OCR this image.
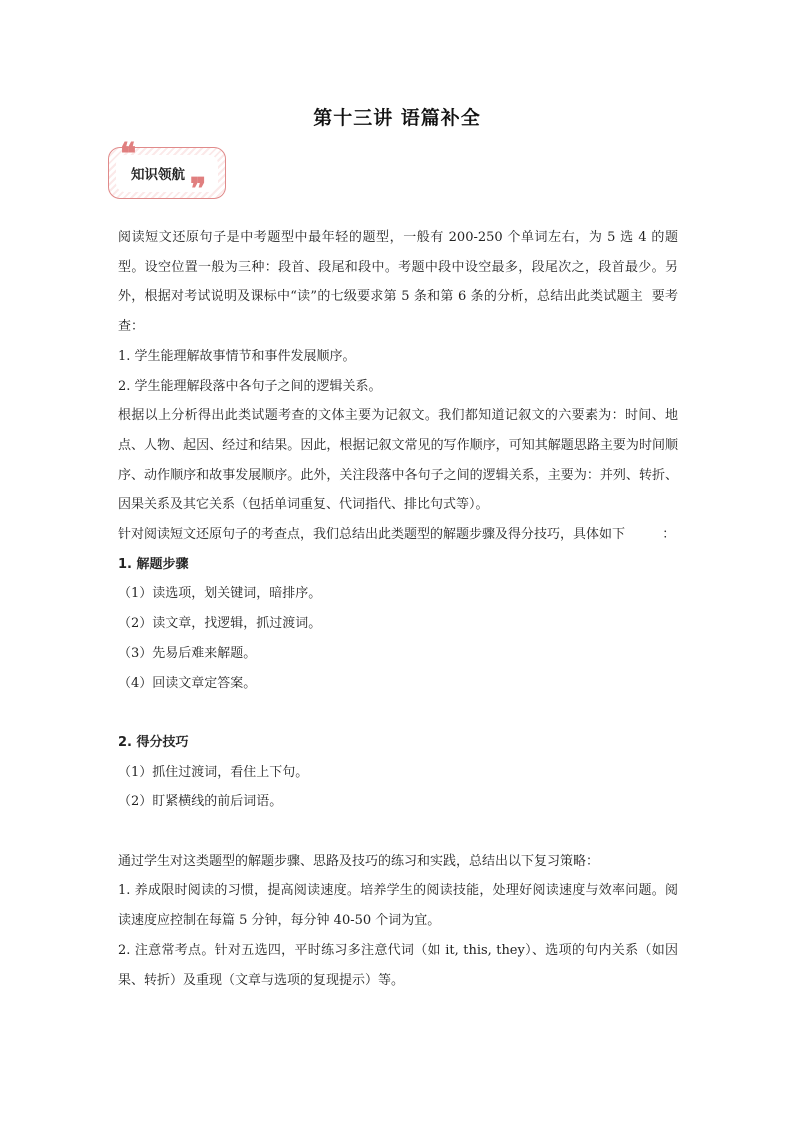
第十三讲 语篇补全
❝
❞
知识领航

阅读短文还原句子是中考题型中最年轻的题型，一般有 200-250 个单词左右，为 5 选 4 的题型。设空位置一般为三种：段首、段尾和段中。考题中段中设空最多，段尾次之，段首最少。另外，根据对考试说明及课标中“读”的七级要求第 5 条和第 6 条的分析，总结出此类试题主  要考查：

1. 学生能理解故事情节和事件发展顺序。

2. 学生能理解段落中各句子之间的逻辑关系。

根据以上分析得出此类试题考查的文体主要为记叙文。我们都知道记叙文的六要素为：时间、地点、人物、起因、经过和结果。因此，根据记叙文常见的写作顺序，可知其解题思路主要为时间顺序、动作顺序和故事发展顺序。此外，关注段落中各句子之间的逻辑关系，主要为：并列、转折、因果关系及其它关系（包括单词重复、代词指代、排比句式等）。

针对阅读短文还原句子的考查点，我们总结出此类题型的解题步骤及得分技巧，具体如下         ：

1. 解题步骤

（1）读选项，划关键词，暗排序。

（2）读文章，找逻辑，抓过渡词。

（3）先易后难来解题。

（4）回读文章定答案。

2. 得分技巧

（1）抓住过渡词，看住上下句。

（2）盯紧横线的前后词语。

通过学生对这类题型的解题步骤、思路及技巧的练习和实践，总结出以下复习策略：

1. 养成限时阅读的习惯，提高阅读速度。培养学生的阅读技能，处理好阅读速度与效率问题。阅读速度应控制在每篇 5 分钟，每分钟 40-50 个词为宜。

2. 注意常考点。针对五选四，平时练习多注意代词（如 it, this, they）、选项的句内关系（如因果、转折）及重现（文章与选项的复现提示）等。
